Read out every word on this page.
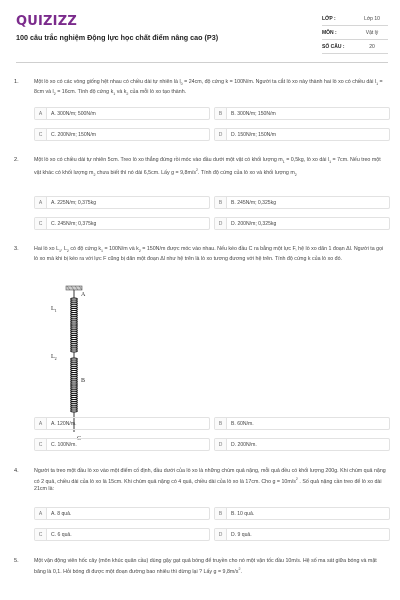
QUIZIZZ
100 câu trắc nghiệm Động lực học chất điểm nâng cao (P3)
LỚP :	Lớp 10
MÔN :	Vật lý
SỐ CÂU :	20
1.	Một lò xo có các vòng giống hệt nhau có chiều dài tự nhiên là $l_0 = 24cm$, độ cứng k = 100N/m. Người ta cắt lò xo này thành hai lò xo có chiều dài $l_1 = 8cm$ và $l_2 = 16cm$. Tính độ cứng $k_1$ và $k_2$ của mỗi lò xo tạo thành.
A	A. 300N/m; 500N/m	B	B. 300N/m; 150N/m
C	C. 200N/m; 150N/m	D	D. 150N/m; 150N/m
2.	Một lò xo có chiều dài tự nhiên 5cm. Treo lò xo thẳng đứng rồi móc vào đầu dưới một vật có khối lượng $m_1 = 0,5kg$, lò xo dài $l_1 = 7cm$. Nếu treo một vật khác có khối lượng $m_2$ chưa biết thì nó dài 6,5cm. Lấy $g = 9,8m/s^2$. Tính độ cứng của lò xo và khối lượng $m_2$
A	A. 225N/m; 0,375kg	B	B. 245N/m; 0,325kg
C	C. 245N/m; 0,375kg	D	D. 200N/m; 0,325kg
3.	Hai lò xo $L_1$, $L_2$ có độ cứng $k_1 = 100N/m$ và $k_2 = 150N/m$ được móc vào nhau. Nếu kéo đầu C ra bằng một lực F, hệ lò xo dãn 1 đoạn Δl. Người ta gọi lò xo mà khi bị kéo ra với lực F cũng bị dãn một đoạn Δl như hệ trên là lò xo tương đương với hệ trên. Tính độ cứng k của lò xo đó.
A
B
C
$L_1$
$L_2$
A	A. 120N/m.	B	B. 60N/m.
C	C. 100N/m.	D	D. 200N/m.
4.	Người ta treo một đầu lò xo vào một điểm cố định, đầu dưới của lò xo là những chùm quả nặng, mỗi quả đều có khối lượng 200g. Khi chùm quả nặng có 2 quả, chiều dài của lò xo là 15cm. Khi chùm quả nặng có 4 quả, chiều dài của lò xo là 17cm. Cho $g = 10m/s^2$ . Số quả nặng cần treo để lò xo dài 21cm là:
A	A. 8 quả.	B	B. 10 quả.
C	C. 6 quả.	D	D. 9 quả.
5.	Một vận động viên hốc cây (môn khúc quân cầu) dùng gậy gạt quả bóng để truyền cho nó một vận tốc đầu 10m/s. Hệ số ma sát giữa bóng và mặt băng là 0,1. Hỏi bóng đi được một đoạn đường bao nhiêu thì dừng lại ? Lấy $g = 9,8m/s^2$.
